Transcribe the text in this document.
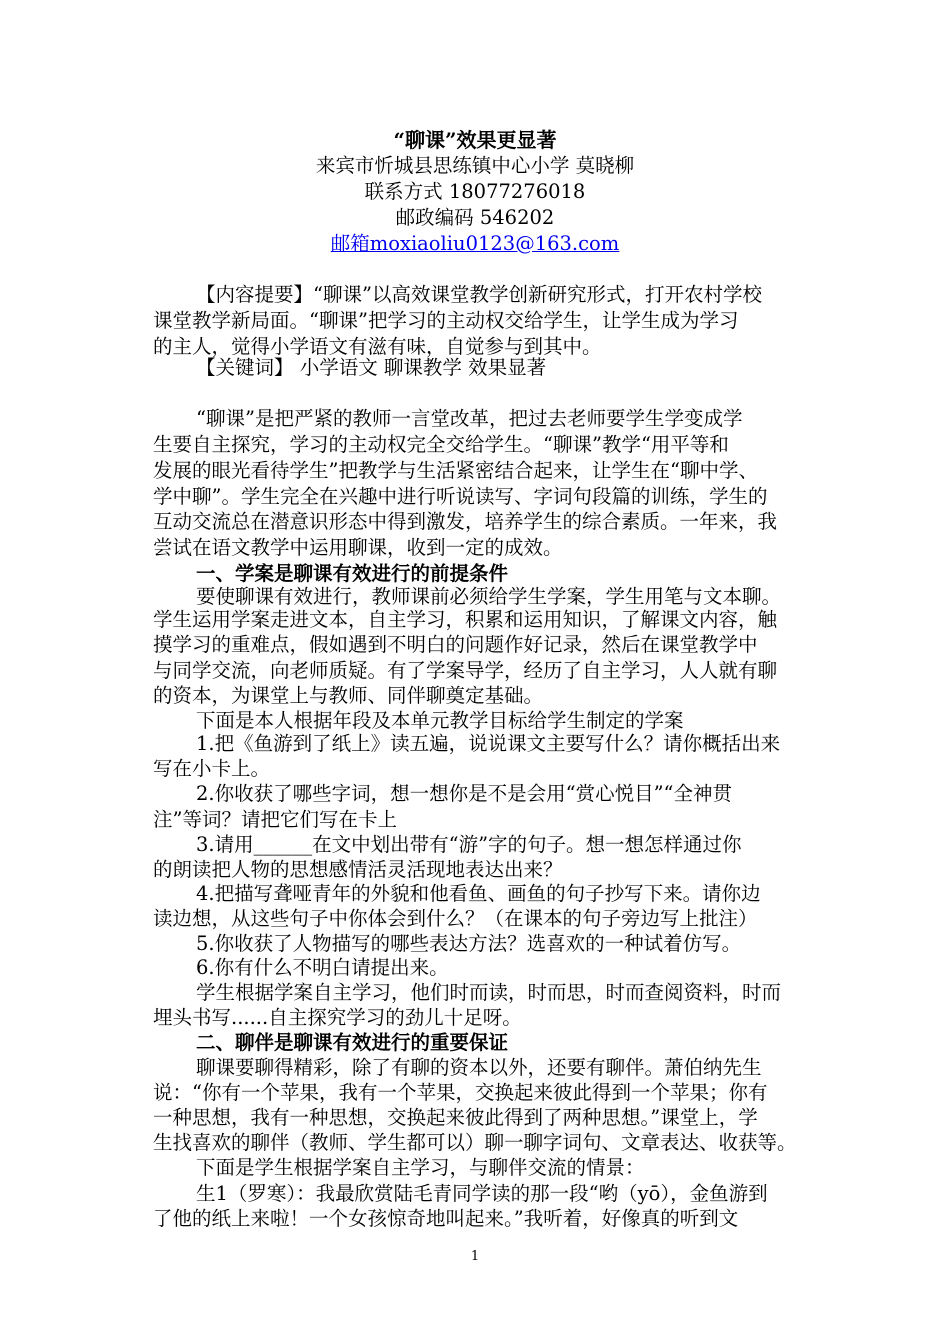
“聊课”效果更显著
来宾市忻城县思练镇中心小学 莫晓柳
联系方式 18077276018
邮政编码 546202
邮箱moxiaoliu0123@163.com
【内容提要】“聊课”以高效课堂教学创新研究形式，打开农村学校
课堂教学新局面。“聊课”把学习的主动权交给学生，让学生成为学习
的主人，觉得小学语文有滋有味，自觉参与到其中。
【关键词】 小学语文 聊课教学 效果显著
“聊课”是把严紧的教师一言堂改革，把过去老师要学生学变成学
生要自主探究，学习的主动权完全交给学生。“聊课”教学“用平等和
发展的眼光看待学生”把教学与生活紧密结合起来，让学生在“聊中学、
学中聊”。学生完全在兴趣中进行听说读写、字词句段篇的训练，学生的
互动交流总在潜意识形态中得到激发，培养学生的综合素质。一年来，我
尝试在语文教学中运用聊课，收到一定的成效。
一、学案是聊课有效进行的前提条件
要使聊课有效进行，教师课前必须给学生学案，学生用笔与文本聊。
学生运用学案走进文本，自主学习，积累和运用知识，了解课文内容，触
摸学习的重难点，假如遇到不明白的问题作好记录，然后在课堂教学中
与同学交流，向老师质疑。有了学案导学，经历了自主学习，人人就有聊
的资本，为课堂上与教师、同伴聊奠定基础。
下面是本人根据年段及本单元教学目标给学生制定的学案
1.把《鱼游到了纸上》读五遍，说说课文主要写什么？请你概括出来
写在小卡上。
2.你收获了哪些字词，想一想你是不是会用“赏心悦目”“全神贯
注”等词？请把它们写在卡上
3.请用______在文中划出带有“游”字的句子。想一想怎样通过你
的朗读把人物的思想感情活灵活现地表达出来？
4.把描写聋哑青年的外貌和他看鱼、画鱼的句子抄写下来。请你边
读边想，从这些句子中你体会到什么？（在课本的句子旁边写上批注）
5.你收获了人物描写的哪些表达方法？选喜欢的一种试着仿写。
6.你有什么不明白请提出来。
学生根据学案自主学习，他们时而读，时而思，时而查阅资料，时而
埋头书写......自主探究学习的劲儿十足呀。
二、聊伴是聊课有效进行的重要保证
聊课要聊得精彩，除了有聊的资本以外，还要有聊伴。萧伯纳先生
说：“你有一个苹果，我有一个苹果，交换起来彼此得到一个苹果；你有
一种思想，我有一种思想，交换起来彼此得到了两种思想。”课堂上，学
生找喜欢的聊伴（教师、学生都可以）聊一聊字词句、文章表达、收获等。
下面是学生根据学案自主学习，与聊伴交流的情景：
生1（罗寒）：我最欣赏陆毛青同学读的那一段“哟（yō），金鱼游到
了他的纸上来啦！一个女孩惊奇地叫起来。”我听着，好像真的听到文
1
